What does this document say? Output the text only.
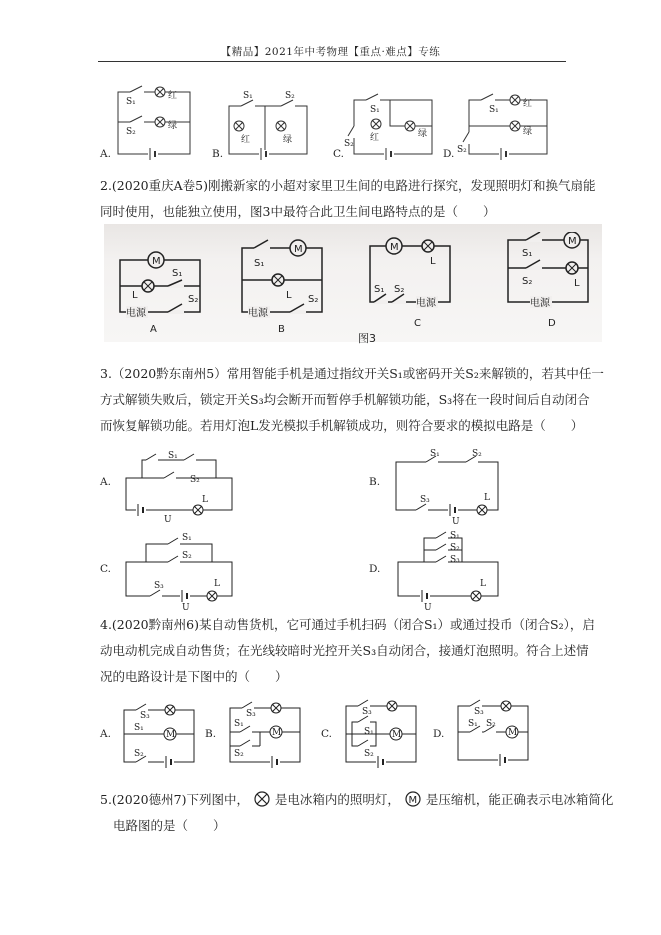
【精品】2021年中考物理【重点·难点】专练
S₁
S₂
红
绿
A.
S₁	S₂
红	绿
B.
S₁
S₂
红	绿
C.
S₁
S₂
红
绿
D.
2.(2020重庆A卷5)刚搬新家的小超对家里卫生间的电路进行探究，发现照明灯和换气扇能
同时使用，也能独立使用，图3中最符合此卫生间电路特点的是（　　）
M
电源
S₁
S₂
L
A
M
电源
S₁
S₂
L
B
M
电源
S₁ S₂
L
C
M
电源
S₁
S₂	L
D
图3
3.（2020黔东南州5）常用智能手机是通过指纹开关S₁或密码开关S₂来解锁的，若其中任一
方式解锁失败后，锁定开关S₃均会断开而暂停手机解锁功能，S₃将在一段时间后自动闭合
而恢复解锁功能。若用灯泡L发光模拟手机解锁成功，则符合要求的模拟电路是（　　）
A.
S₁
S₂
L
U
B.
S₁	S₂
S₃	L
U
C.
S₁
S₂
S₃	L
U
D.
S₁
S₂
S₃
L
U
4.(2020黔南州6)某自动售货机，它可通过手机扫码（闭合S₁）或通过投币（闭合S₂），启
动电动机完成自动售货；在光线较暗时光控开关S₃自动闭合，接通灯泡照明。符合上述情
况的电路设计是下图中的（　　）
A.	M
S₃
S₁
S₂
B.	M
S₃
S₁
S₂
C.	M
S₃
S₁
S₂
D.	M
S₃
S₁ S₂
5.(2020德州7)下列图中， 是电冰箱内的照明灯， M 是压缩机，能正确表示电冰箱简化
电路图的是（　　）
